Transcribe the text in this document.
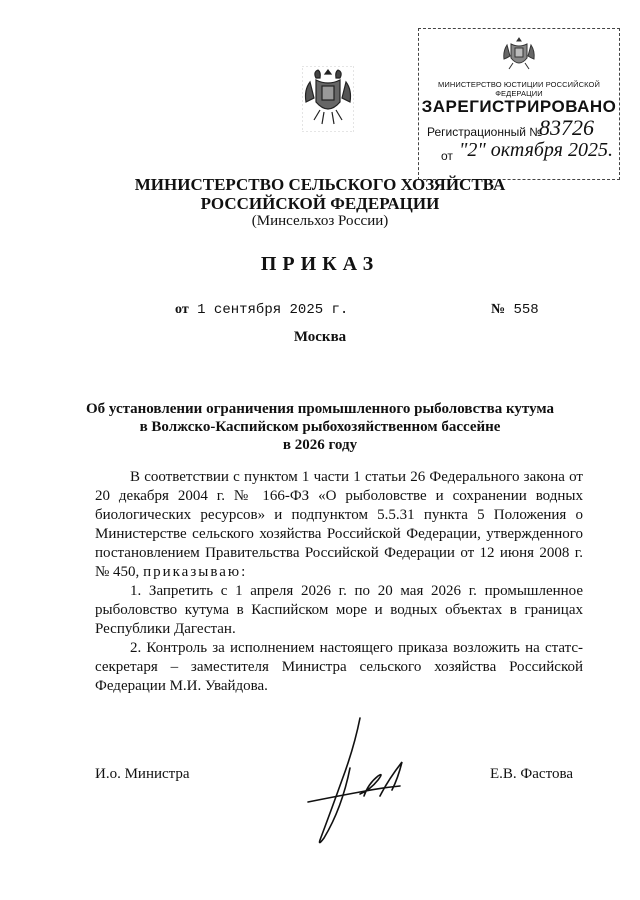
МИНИСТЕРСТВО ЮСТИЦИИ РОССИЙСКОЙ ФЕДЕРАЦИИ
ЗАРЕГИСТРИРОВАНО
Регистрационный №
83726
от "2" октября 2025.
МИНИСТЕРСТВО СЕЛЬСКОГО ХОЗЯЙСТВА
РОССИЙСКОЙ ФЕДЕРАЦИИ
(Минсельхоз России)
ПРИКАЗ
от 1 сентября 2025 г.	№ 558
Москва
Об установлении ограничения промышленного рыболовства кутума
в Волжско-Каспийском рыбохозяйственном бассейне
в 2026 году

В соответствии с пунктом 1 части 1 статьи 26 Федерального закона от 20 декабря 2004 г. № 166-ФЗ «О рыболовстве и сохранении водных биологических ресурсов» и подпунктом 5.5.31 пункта 5 Положения о Министерстве сельского хозяйства Российской Федерации, утвержденного постановлением Правительства Российской Федерации от 12 июня 2008 г. № 450, приказываю:

1. Запретить с 1 апреля 2026 г. по 20 мая 2026 г. промышленное рыболовство кутума в Каспийском море и водных объектах в границах Республики Дагестан.

2. Контроль за исполнением настоящего приказа возложить на статс-секретаря – заместителя Министра сельского хозяйства Российской Федерации М.И. Увайдова.

И.о. Министра	Е.В. Фастова
